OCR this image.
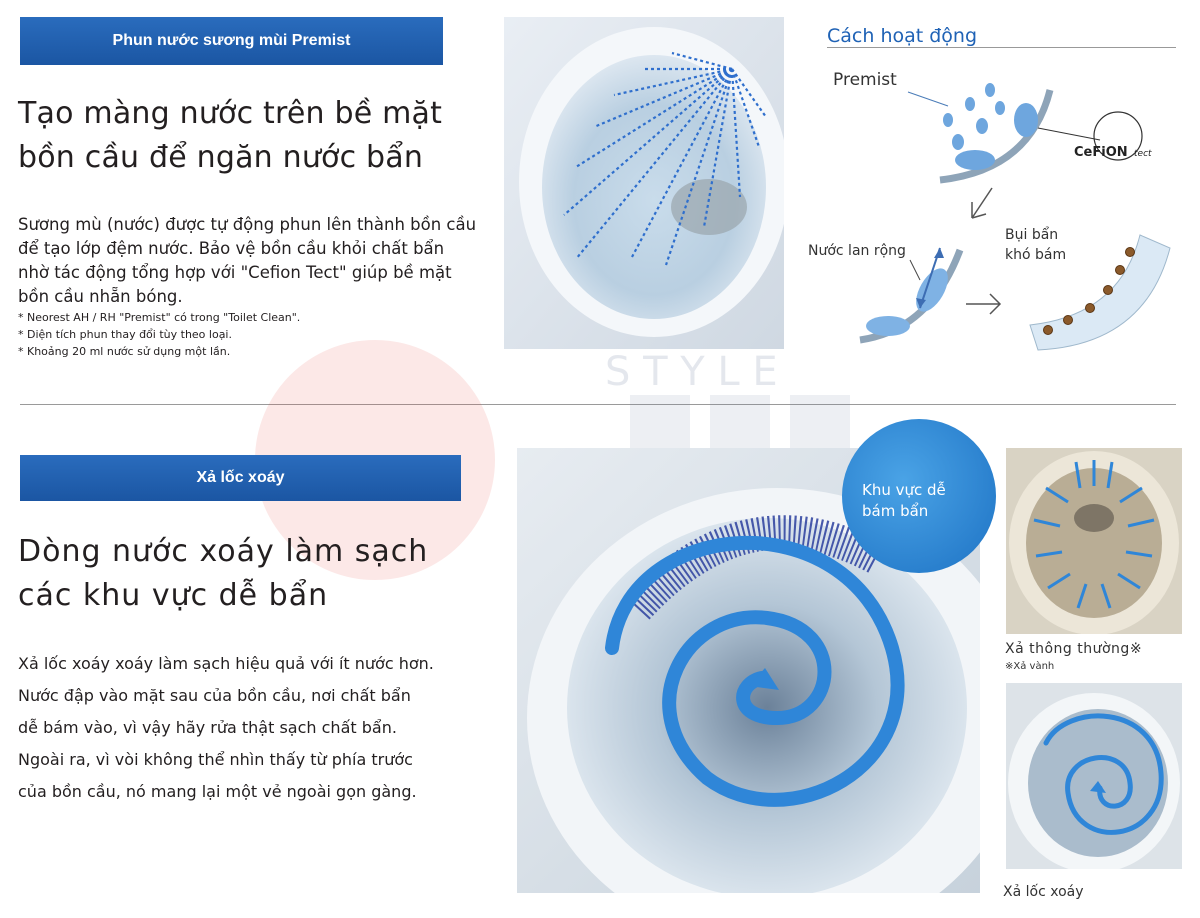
Phun nước sương mùi Premist
Tạo màng nước trên bề mặt
bồn cầu để ngăn nước bẩn
Sương mù (nước) được tự động phun lên thành bồn cầu để tạo lớp đệm nước. Bảo vệ bồn cầu khỏi chất bẩn nhờ tác động tổng hợp với "Cefion Tect" giúp bề mặt bồn cầu nhẵn bóng.
* Neorest AH / RH "Premist" có trong "Toilet Clean".
* Diện tích phun thay đổi tùy theo loại.
* Khoảng 20 ml nước sử dụng một lần.
Cách hoạt động
Premist
CeFiON tect
Nước lan rộng
Bụi bẩn
khó bám
S T Y L E
Xả lốc xoáy
Dòng nước xoáy làm sạch
các khu vực dễ bẩn
Xả lốc xoáy xoáy làm sạch hiệu quả với ít nước hơn.
Nước đập vào mặt sau của bồn cầu, nơi chất bẩn
dễ bám vào, vì vậy hãy rửa thật sạch chất bẩn.
Ngoài ra, vì vòi không thể nhìn thấy từ phía trước
của bồn cầu, nó mang lại một vẻ ngoài gọn gàng.
Khu vực dễ
bám bẩn
Xả thông thường※
※Xả vành
Xả lốc xoáy
